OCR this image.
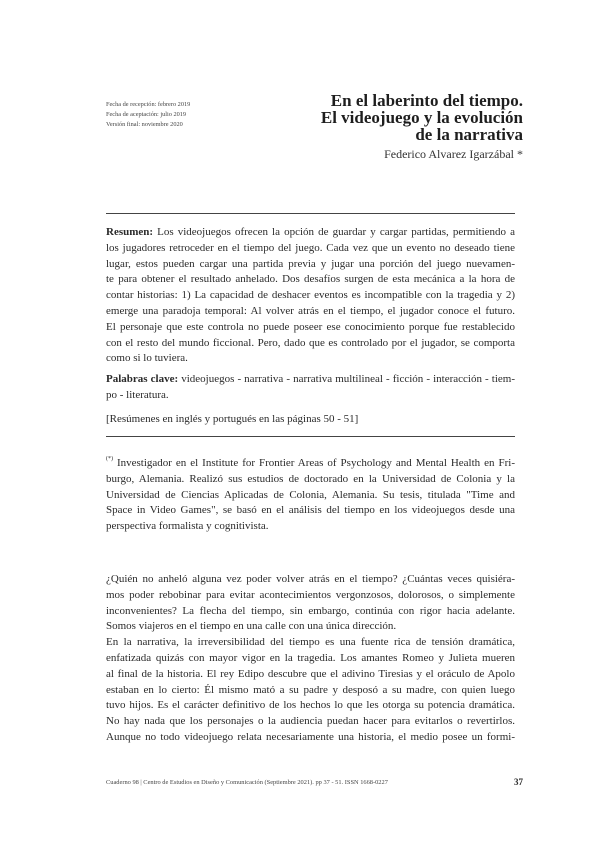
Fecha de recepción: febrero 2019
Fecha de aceptación: julio 2019
Versión final: noviembre 2020
En el laberinto del tiempo.
El videojuego y la evolución
de la narrativa
Federico Alvarez Igarzábal *
Resumen: Los videojuegos ofrecen la opción de guardar y cargar partidas, permitiendo a
los jugadores retroceder en el tiempo del juego. Cada vez que un evento no deseado tiene
lugar, estos pueden cargar una partida previa y jugar una porción del juego nuevamen-
te para obtener el resultado anhelado. Dos desafíos surgen de esta mecánica a la hora de
contar historias: 1) La capacidad de deshacer eventos es incompatible con la tragedia y 2)
emerge una paradoja temporal: Al volver atrás en el tiempo, el jugador conoce el futuro.
El personaje que este controla no puede poseer ese conocimiento porque fue restablecido
con el resto del mundo ficcional. Pero, dado que es controlado por el jugador, se comporta
como si lo tuviera.
Palabras clave: videojuegos - narrativa - narrativa multilineal - ficción - interacción - tiem-
po - literatura.
[Resúmenes en inglés y portugués en las páginas 50 - 51]
(*) Investigador en el Institute for Frontier Areas of Psychology and Mental Health en Fri-
burgo, Alemania. Realizó sus estudios de doctorado en la Universidad de Colonia y la
Universidad de Ciencias Aplicadas de Colonia, Alemania. Su tesis, titulada "Time and
Space in Video Games", se basó en el análisis del tiempo en los videojuegos desde una
perspectiva formalista y cognitivista.
¿Quién no anheló alguna vez poder volver atrás en el tiempo? ¿Cuántas veces quisiéra-
mos poder rebobinar para evitar acontecimientos vergonzosos, dolorosos, o simplemente
inconvenientes? La flecha del tiempo, sin embargo, continúa con rigor hacia adelante.
Somos viajeros en el tiempo en una calle con una única dirección.
En la narrativa, la irreversibilidad del tiempo es una fuente rica de tensión dramática,
enfatizada quizás con mayor vigor en la tragedia. Los amantes Romeo y Julieta mueren
al final de la historia. El rey Edipo descubre que el adivino Tiresias y el oráculo de Apolo
estaban en lo cierto: Él mismo mató a su padre y desposó a su madre, con quien luego
tuvo hijos. Es el carácter definitivo de los hechos lo que les otorga su potencia dramática.
No hay nada que los personajes o la audiencia puedan hacer para evitarlos o revertirlos.
Aunque no todo videojuego relata necesariamente una historia, el medio posee un formi-
Cuaderno 98 | Centro de Estudios en Diseño y Comunicación (Septiembre 2021). pp 37 - 51. ISSN 1668-0227	37
